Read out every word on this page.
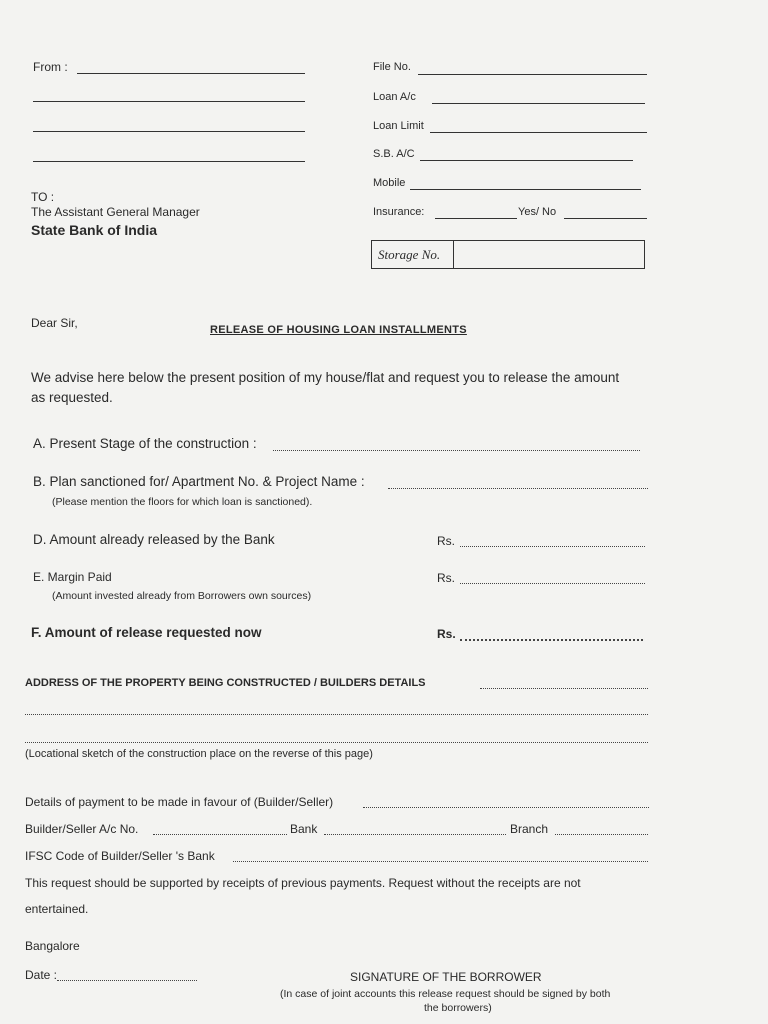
From :
TO :
The Assistant General Manager
State Bank of India
File No.
Loan A/c
Loan Limit
S.B. A/C
Mobile
Insurance:	Yes/ No
Storage No.
Dear Sir,	RELEASE OF HOUSING LOAN INSTALLMENTS
We advise here below the present position of my house/flat and request you to release the amount
as requested.
A. Present Stage of the construction :
B. Plan sanctioned for/ Apartment No. & Project Name :
(Please mention the floors for which loan is sanctioned).
D. Amount already released by the Bank	Rs.
E. Margin Paid	Rs.
(Amount invested already from Borrowers own sources)
F. Amount of release requested now	Rs.
ADDRESS OF THE PROPERTY BEING CONSTRUCTED / BUILDERS DETAILS
(Locational sketch of the construction place on the reverse of this page)
Details of payment to be made in favour of (Builder/Seller)
Builder/Seller A/c No.	Bank	Branch
IFSC Code of Builder/Seller 's Bank
This request should be supported by receipts of previous payments. Request without the receipts are not
entertained.
Bangalore
Date :	SIGNATURE OF THE BORROWER
(In case of joint accounts this release request should be signed by both
the borrowers)
